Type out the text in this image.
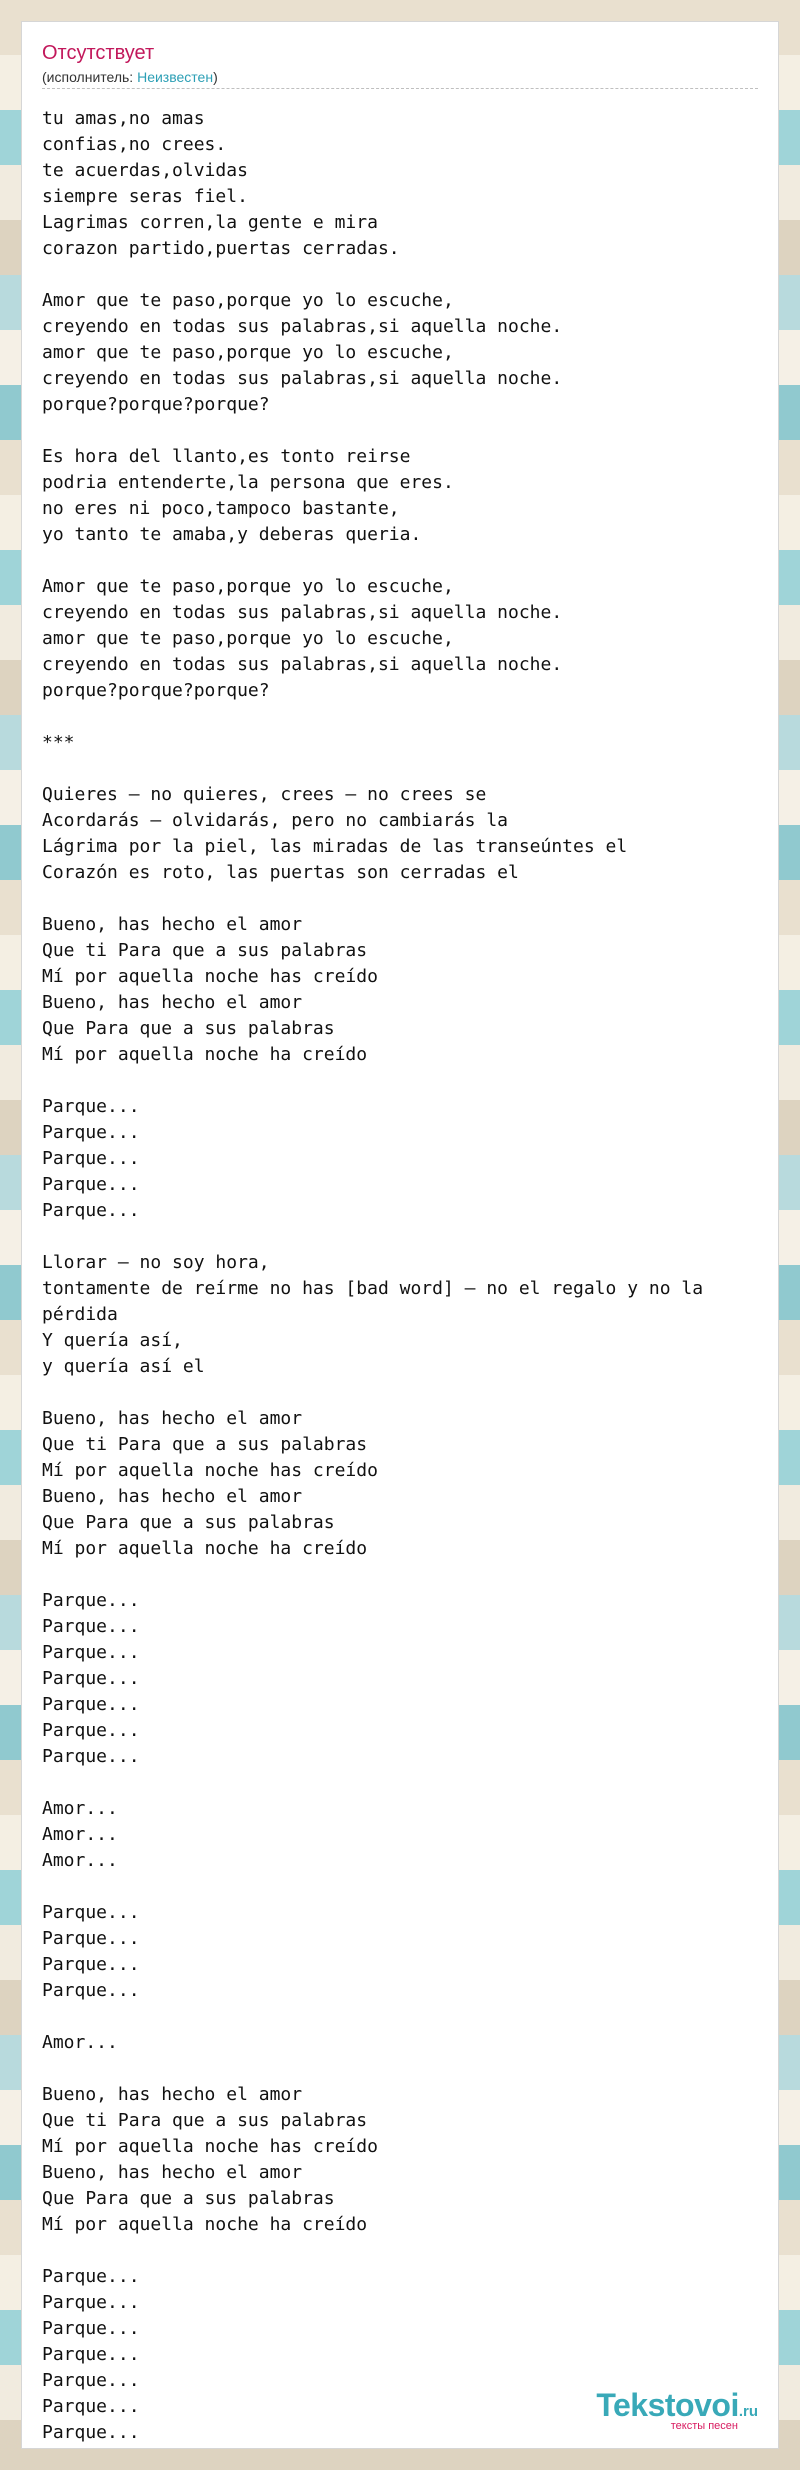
Отсутствует
(исполнитель: Неизвестен)
tu amas,no amas
confias,no crees.
te acuerdas,olvidas
siempre seras fiel.
Lagrimas corren,la gente e mira
corazon partido,puertas cerradas.

Amor que te paso,porque yo lo escuche,
creyendo en todas sus palabras,si aquella noche.
amor que te paso,porque yo lo escuche,
creyendo en todas sus palabras,si aquella noche.
porque?porque?porque?

Es hora del llanto,es tonto reirse
podria entenderte,la persona que eres.
no eres ni poco,tampoco bastante,
yo tanto te amaba,y deberas queria.

Amor que te paso,porque yo lo escuche,
creyendo en todas sus palabras,si aquella noche.
amor que te paso,porque yo lo escuche,
creyendo en todas sus palabras,si aquella noche.
porque?porque?porque?

***

Quieres — no quieres, crees — no crees se
Acordarás — olvidarás, pero no cambiarás la
Lágrima por la piel, las miradas de las transeúntes el
Corazón es roto, las puertas son cerradas el

Bueno, has hecho el amor
Que ti Para que a sus palabras
Mí por aquella noche has creído
Bueno, has hecho el amor
Que Para que a sus palabras
Mí por aquella noche ha creído

Parque...
Parque...
Parque...
Parque...
Parque...

Llorar — no soy hora,
tontamente de reírme no has [bad word] — no el regalo y no la pérdida
Y quería así,
y quería así el

Bueno, has hecho el amor
Que ti Para que a sus palabras
Mí por aquella noche has creído
Bueno, has hecho el amor
Que Para que a sus palabras
Mí por aquella noche ha creído

Parque...
Parque...
Parque...
Parque...
Parque...
Parque...
Parque...

Amor...
Amor...
Amor...

Parque...
Parque...
Parque...
Parque...

Amor...

Bueno, has hecho el amor
Que ti Para que a sus palabras
Mí por aquella noche has creído
Bueno, has hecho el amor
Que Para que a sus palabras
Mí por aquella noche ha creído

Parque...
Parque...
Parque...
Parque...
Parque...
Parque...
Parque...
Tekstovoi.ru
тексты песен
